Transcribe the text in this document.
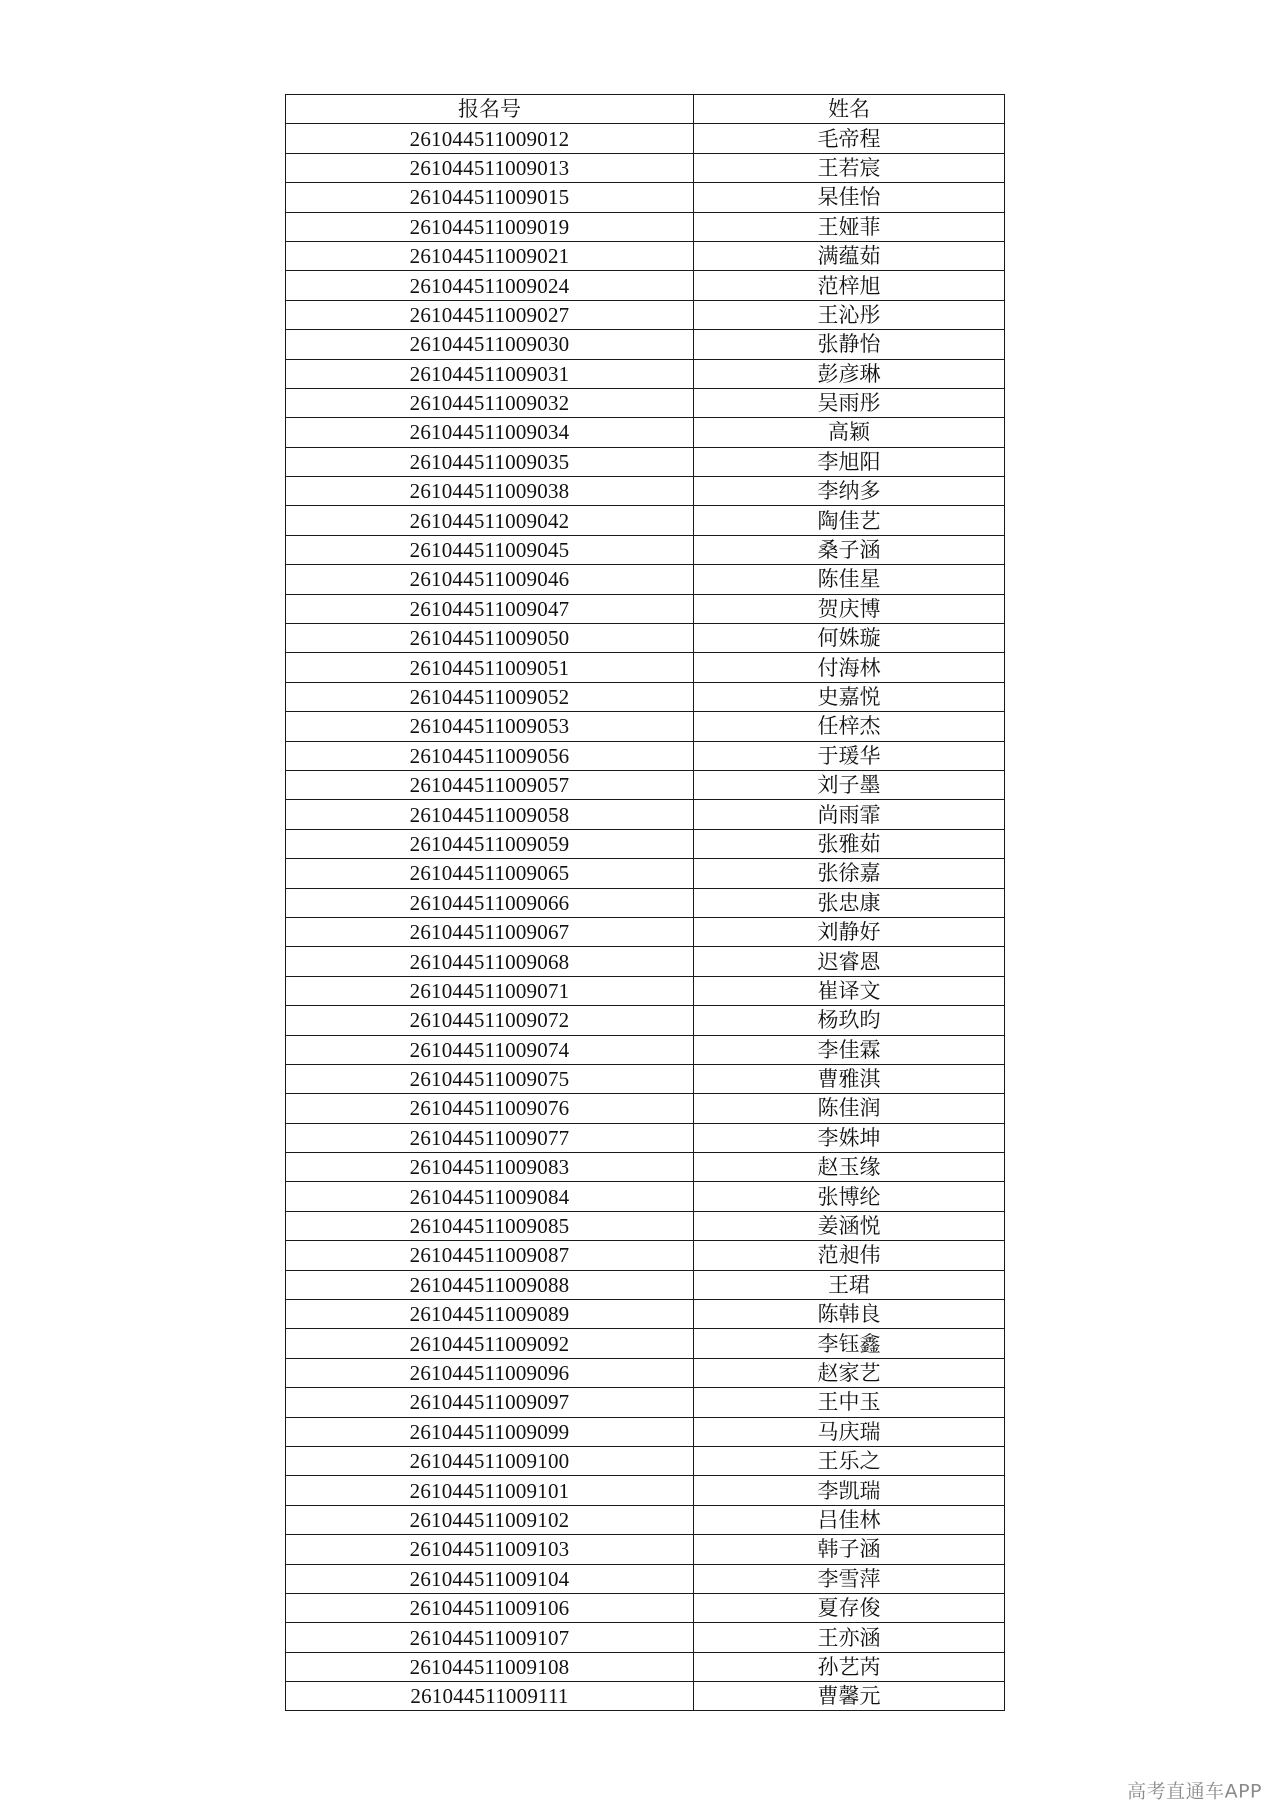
报名号	姓名
261044511009012	毛帝程
261044511009013	王若宸
261044511009015	杲佳怡
261044511009019	王娅菲
261044511009021	满蕴茹
261044511009024	范梓旭
261044511009027	王沁彤
261044511009030	张静怡
261044511009031	彭彦琳
261044511009032	吴雨彤
261044511009034	高颖
261044511009035	李旭阳
261044511009038	李纳多
261044511009042	陶佳艺
261044511009045	桑子涵
261044511009046	陈佳星
261044511009047	贺庆博
261044511009050	何姝璇
261044511009051	付海林
261044511009052	史嘉悦
261044511009053	任梓杰
261044511009056	于瑗华
261044511009057	刘子墨
261044511009058	尚雨霏
261044511009059	张雅茹
261044511009065	张徐嘉
261044511009066	张忠康
261044511009067	刘静好
261044511009068	迟睿恩
261044511009071	崔译文
261044511009072	杨玖昀
261044511009074	李佳霖
261044511009075	曹雅淇
261044511009076	陈佳润
261044511009077	李姝坤
261044511009083	赵玉缘
261044511009084	张博纶
261044511009085	姜涵悦
261044511009087	范昶伟
261044511009088	王珺
261044511009089	陈韩良
261044511009092	李钰鑫
261044511009096	赵家艺
261044511009097	王中玉
261044511009099	马庆瑞
261044511009100	王乐之
261044511009101	李凯瑞
261044511009102	吕佳林
261044511009103	韩子涵
261044511009104	李雪萍
261044511009106	夏存俊
261044511009107	王亦涵
261044511009108	孙艺芮
261044511009111	曹馨元
高考直通车APP
